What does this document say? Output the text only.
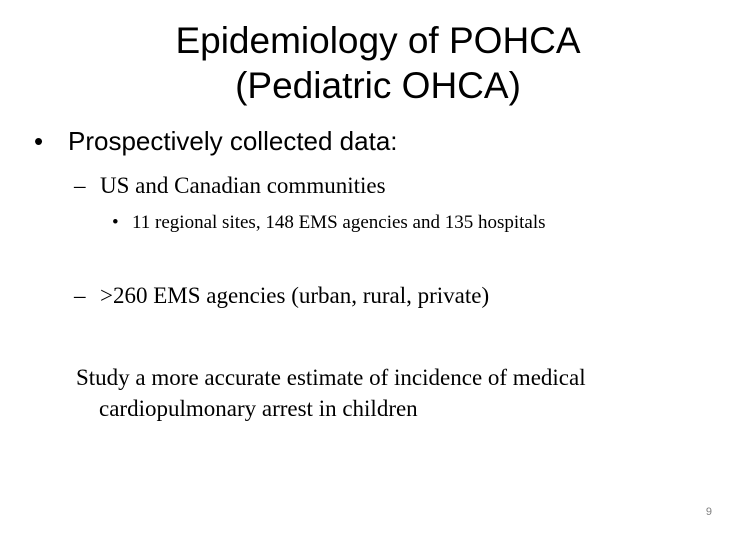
Epidemiology of POHCA
(Pediatric OHCA)
• Prospectively collected data:
– US and Canadian communities
• 11 regional sites, 148 EMS agencies and 135 hospitals
– >260 EMS agencies (urban, rural, private)
Study a more accurate estimate of incidence of medical
cardiopulmonary arrest in children
9
